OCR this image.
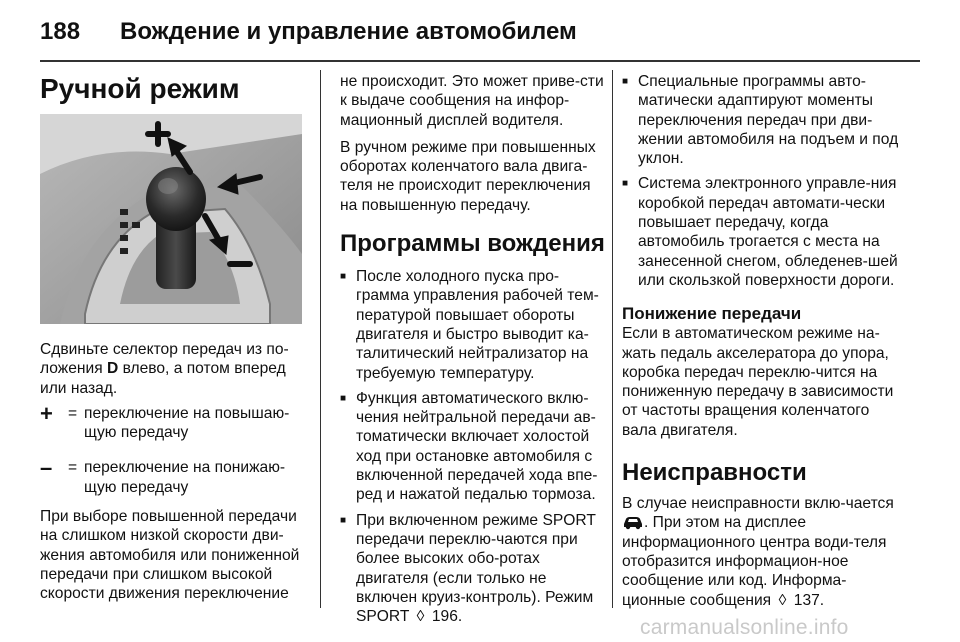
188	Вождение и управление автомобилем
Ручной режим

Сдвиньте селектор передач из по-ложения D влево, а потом вперед или назад.

+ = переключение на повышаю-щую передачу
–	= переключение на понижаю-щую передачу

При выборе повышенной передачи на слишком низкой скорости дви-жения автомобиля или пониженной передачи при слишком высокой скорости движения переключение

не происходит. Это может приве-сти к выдаче сообщения на инфор-мационный дисплей водителя.

В ручном режиме при повышенных оборотах коленчатого вала двига-теля не происходит переключения на повышенную передачу.

Программы вождения
■ После холодного пуска про-грамма управления рабочей тем-пературой повышает обороты двигателя и быстро выводит ка-талитический нейтрализатор на требуемую температуру.
■ Функция автоматического вклю-чения нейтральной передачи ав-томатически включает холостой ход при остановке автомобиля с включенной передачей хода впе-ред и нажатой педалью тормоза.
■ При включенном режиме SPORT передачи переклю-чаются при более высоких обо-ротах двигателя (если только не включен круиз-контроль). Режим SPORT ◊ 196.
■ Специальные программы авто-матически адаптируют моменты переключения передач при дви-жении автомобиля на подъем и под уклон.
■ Система электронного управле-ния коробкой передач автомати-чески повышает передачу, когда автомобиль трогается с места на занесенной снегом, обледенев-шей или скользкой поверхности дороги.
Понижение передачи

Если в автоматическом режиме на-жать педаль акселератора до упора, коробка передач переклю-чится на пониженную передачу в зависимости от частоты вращения коленчатого вала двигателя.

Неисправности

В случае неисправности вклю-чается . При этом на дисплее информационного центра води-теля отобразится информацион-ное сообщение или код. Информа-ционные сообщения ◊ 137.

carmanualsonline.info
